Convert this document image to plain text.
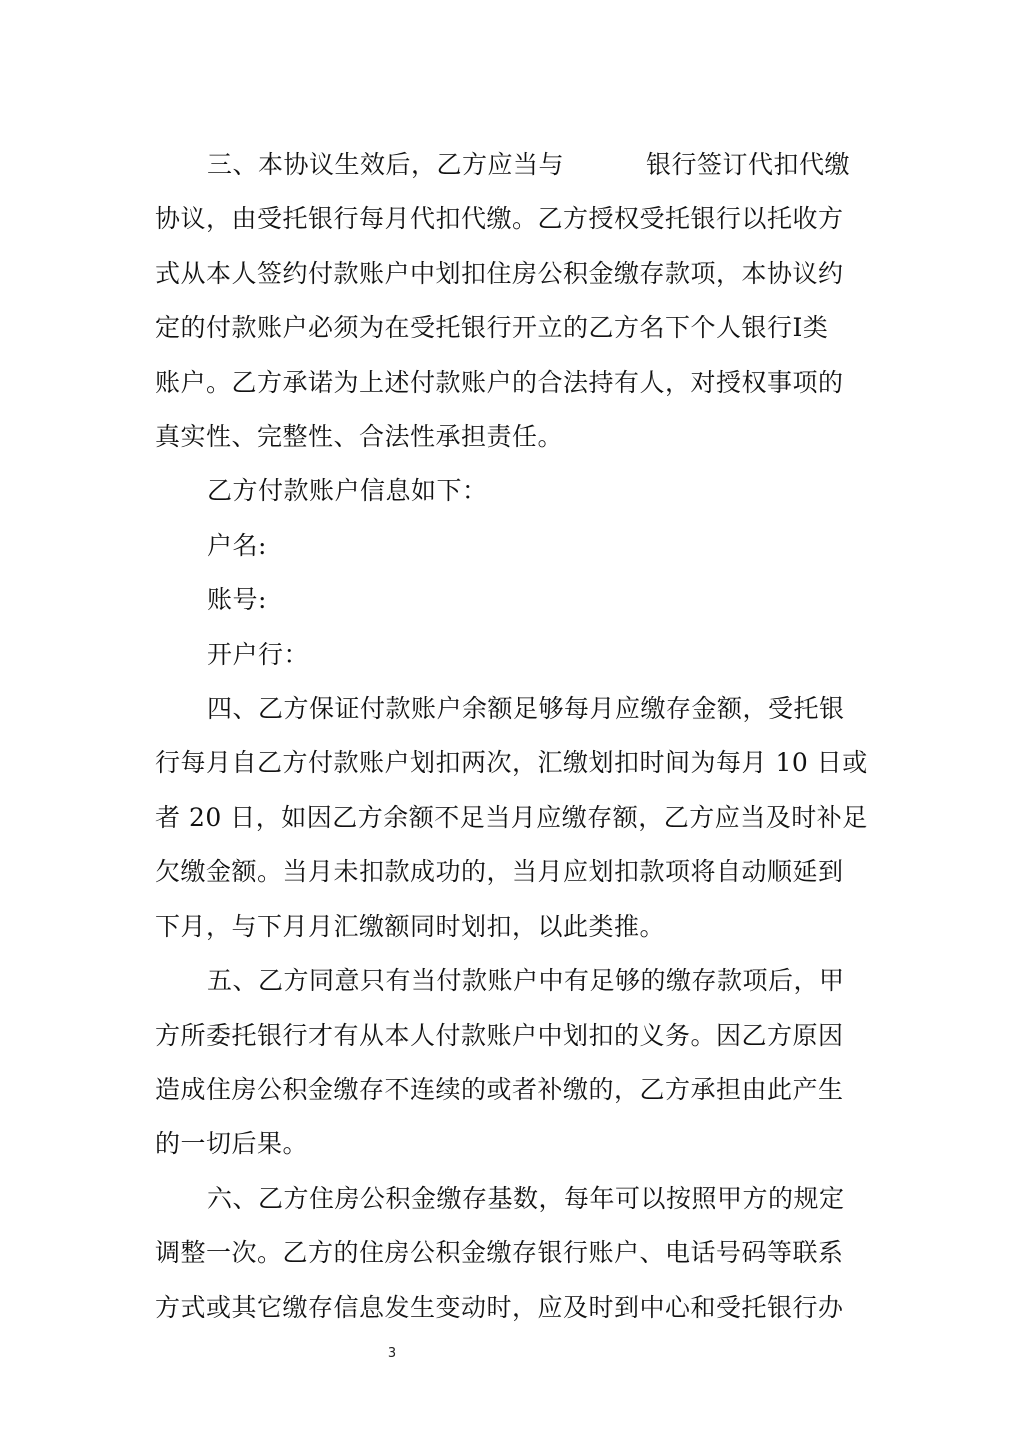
三、本协议生效后，乙方应当与	银行签订代扣代缴
协议，由受托银行每月代扣代缴。乙方授权受托银行以托收方
式从本人签约付款账户中划扣住房公积金缴存款项，本协议约
定的付款账户必须为在受托银行开立的乙方名下个人银行Ⅰ类
账户。乙方承诺为上述付款账户的合法持有人，对授权事项的
真实性、完整性、合法性承担责任。
乙方付款账户信息如下：
户名:
账号:
开户行：
四、乙方保证付款账户余额足够每月应缴存金额，受托银
行每月自乙方付款账户划扣两次，汇缴划扣时间为每月 10 日或
者 20 日，如因乙方余额不足当月应缴存额，乙方应当及时补足
欠缴金额。当月未扣款成功的，当月应划扣款项将自动顺延到
下月，与下月月汇缴额同时划扣，以此类推。
五、乙方同意只有当付款账户中有足够的缴存款项后，甲
方所委托银行才有从本人付款账户中划扣的义务。因乙方原因
造成住房公积金缴存不连续的或者补缴的，乙方承担由此产生
的一切后果。
六、乙方住房公积金缴存基数，每年可以按照甲方的规定
调整一次。乙方的住房公积金缴存银行账户、电话号码等联系
方式或其它缴存信息发生变动时，应及时到中心和受托银行办
3
